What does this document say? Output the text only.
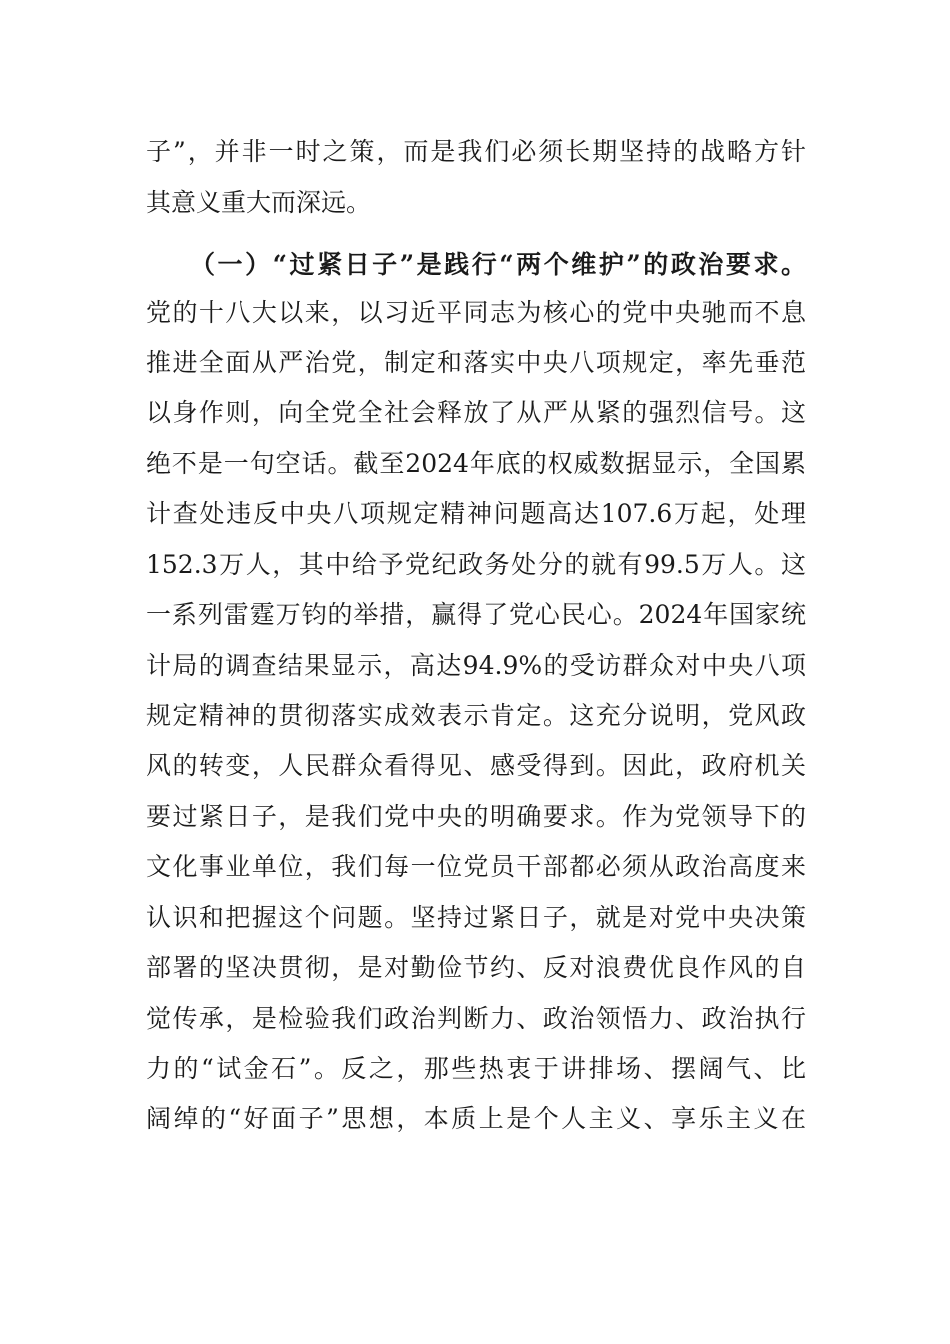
子”，并非一时之策，而是我们必须长期坚持的战略方针
其意义重大而深远。
（一）“过紧日子”是践行“两个维护”的政治要求。
党的十八大以来，以习近平同志为核心的党中央驰而不息
推进全面从严治党，制定和落实中央八项规定，率先垂范
以身作则，向全党全社会释放了从严从紧的强烈信号。这
绝不是一句空话。截至2024年底的权威数据显示，全国累
计查处违反中央八项规定精神问题高达107.6万起，处理
152.3万人，其中给予党纪政务处分的就有99.5万人。这
一系列雷霆万钧的举措，赢得了党心民心。2024年国家统
计局的调查结果显示，高达94.9%的受访群众对中央八项
规定精神的贯彻落实成效表示肯定。这充分说明，党风政
风的转变，人民群众看得见、感受得到。因此，政府机关
要过紧日子，是我们党中央的明确要求。作为党领导下的
文化事业单位，我们每一位党员干部都必须从政治高度来
认识和把握这个问题。坚持过紧日子，就是对党中央决策
部署的坚决贯彻，是对勤俭节约、反对浪费优良作风的自
觉传承，是检验我们政治判断力、政治领悟力、政治执行
力的“试金石”。反之，那些热衷于讲排场、摆阔气、比
阔绰的“好面子”思想，本质上是个人主义、享乐主义在
